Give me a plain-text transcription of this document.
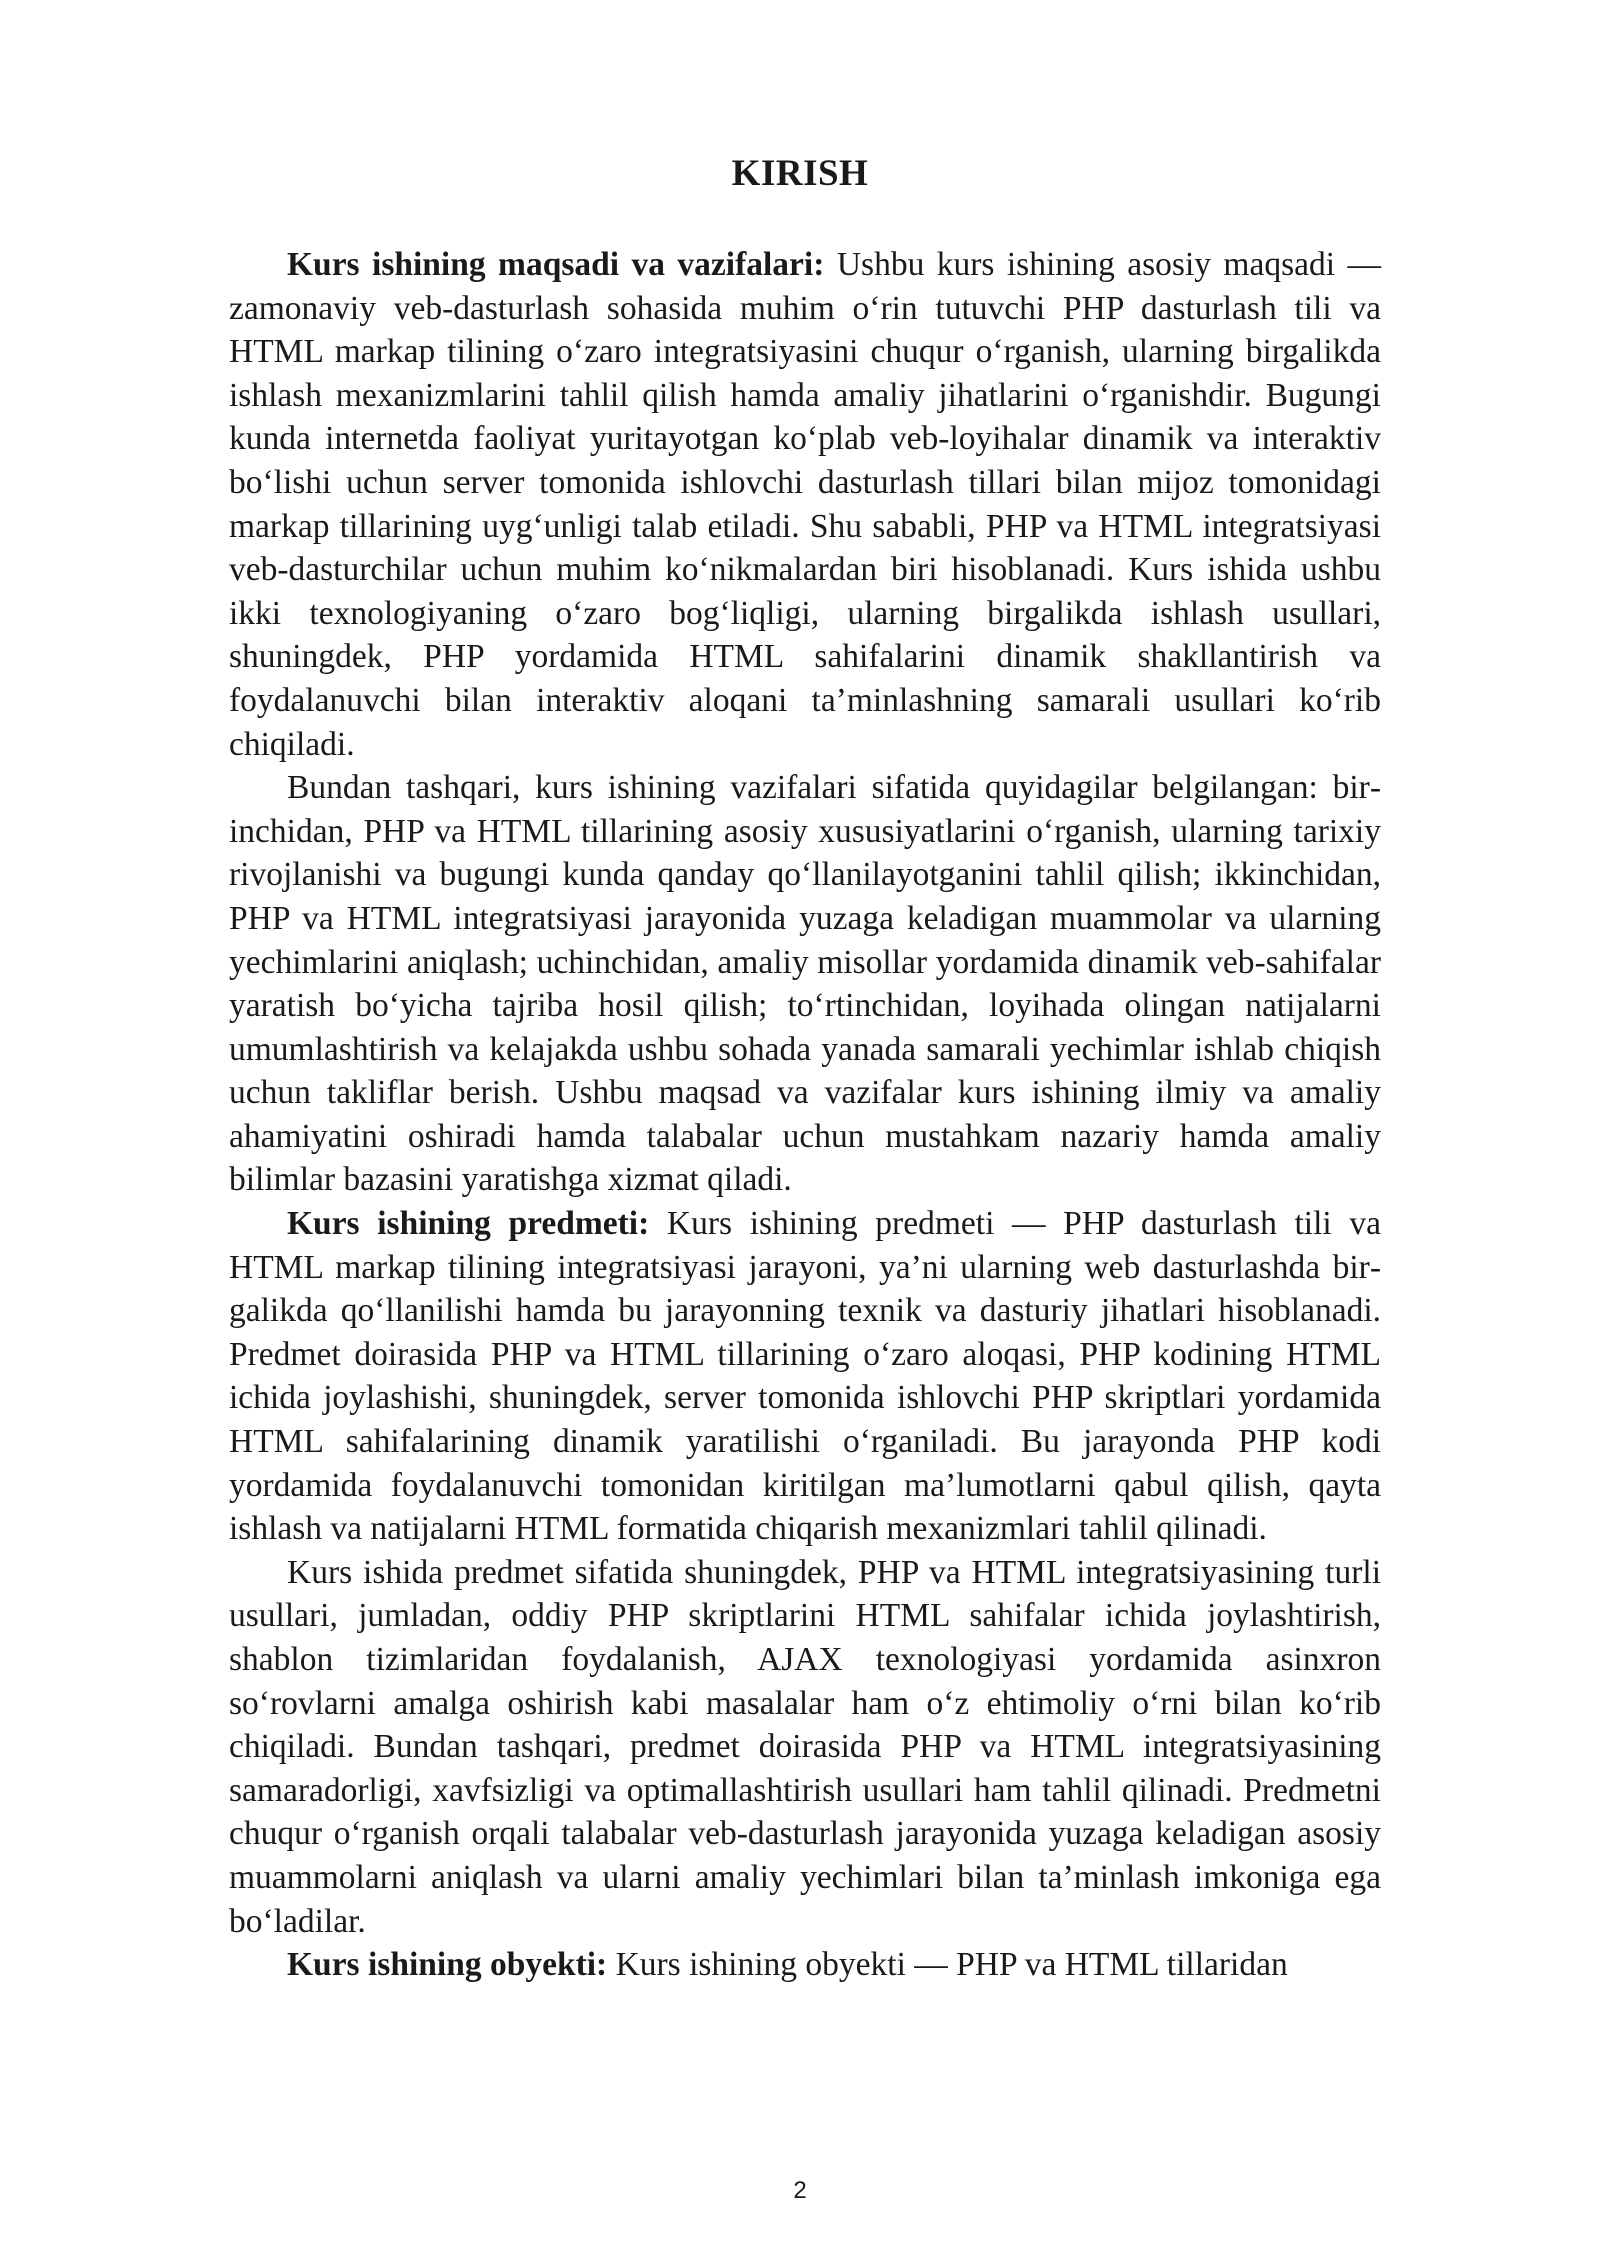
KIRISH

Kurs ishining maqsadi va vazifalari: Ushbu kurs ishining asosiy maqsadi — zamonaviy veb-dasturlash sohasida muhim o‘rin tutuvchi PHP dasturlash tili va HTML markap tilining o‘zaro integratsiyasini chuqur o‘rganish, ularning birgalikda ishlash mexanizmlarini tahlil qilish hamda amaliy jihatlarini o‘rganishdir. Bugungi kunda internetda faoliyat yuritayotgan ko‘plab veb-loyihalar dinamik va interaktiv bo‘lishi uchun server tomonida ishlovchi dasturlash tillari bilan mijoz tomonidagi markap tillarining uyg‘unligi talab etiladi. Shu sababli, PHP va HTML integratsiyasi veb-dasturchilar uchun muhim ko‘nikmalardan biri hisoblanadi. Kurs ishida ushbu ikki texnologiyaning o‘zaro bog‘liqligi, ularning birgalikda ishlash usullari, shuningdek, PHP yordamida HTML sahifalarini dinamik shakllantirish va foydalanuvchi bilan interaktiv aloqani ta’minlashning samarali usullari ko‘rib chiqiladi.

Bundan tashqari, kurs ishining vazifalari sifatida quyidagilar belgilangan: birinchidan, PHP va HTML tillarining asosiy xususiyatlarini o‘rganish, ularning tarixiy rivojlanishi va bugungi kunda qanday qo‘llanilayotganini tahlil qilish; ikkinchidan, PHP va HTML integratsiyasi jarayonida yuzaga keladigan muammolar va ularning yechimlarini aniqlash; uchinchidan, amaliy misollar yordamida dinamik veb-sahifalar yaratish bo‘yicha tajriba hosil qilish; to‘rtinchidan, loyihada olingan natijalarni umumlashtirish va kelajakda ushbu sohada yanada samarali yechimlar ishlab chiqish uchun takliflar berish. Ushbu maqsad va vazifalar kurs ishining ilmiy va amaliy ahamiyatini oshiradi hamda talabalar uchun mustahkam nazariy hamda amaliy bilimlar bazasini yaratishga xizmat qiladi.

Kurs ishining predmeti: Kurs ishining predmeti — PHP dasturlash tili va HTML markap tilining integratsiyasi jarayoni, ya’ni ularning web dasturlashda birgalikda qo‘llanilishi hamda bu jarayonning texnik va dasturiy jihatlari hisoblanadi. Predmet doirasida PHP va HTML tillarining o‘zaro aloqasi, PHP kodining HTML ichida joylashishi, shuningdek, server tomonida ishlovchi PHP skriptlari yordamida HTML sahifalarining dinamik yaratilishi o‘rganiladi. Bu jarayonda PHP kodi yordamida foydalanuvchi tomonidan kiritilgan ma’lumotlarni qabul qilish, qayta ishlash va natijalarni HTML formatida chiqarish mexanizmlari tahlil qilinadi.

Kurs ishida predmet sifatida shuningdek, PHP va HTML integratsiyasining turli usullari, jumladan, oddiy PHP skriptlarini HTML sahifalar ichida joylashtirish, shablon tizimlaridan foydalanish, AJAX texnologiyasi yordamida asinxron so‘rovlarni amalga oshirish kabi masalalar ham o‘z ehtimoliy o‘rni bilan ko‘rib chiqiladi. Bundan tashqari, predmet doirasida PHP va HTML integratsiyasining samaradorligi, xavfsizligi va optimallashtirish usullari ham tahlil qilinadi. Predmetni chuqur o‘rganish orqali talabalar veb-dasturlash jarayonida yuzaga keladigan asosiy muammolarni aniqlash va ularni amaliy yechimlari bilan ta’minlash imkoniga ega bo‘ladilar.

Kurs ishining obyekti: Kurs ishining obyekti — PHP va HTML tillaridan

2
